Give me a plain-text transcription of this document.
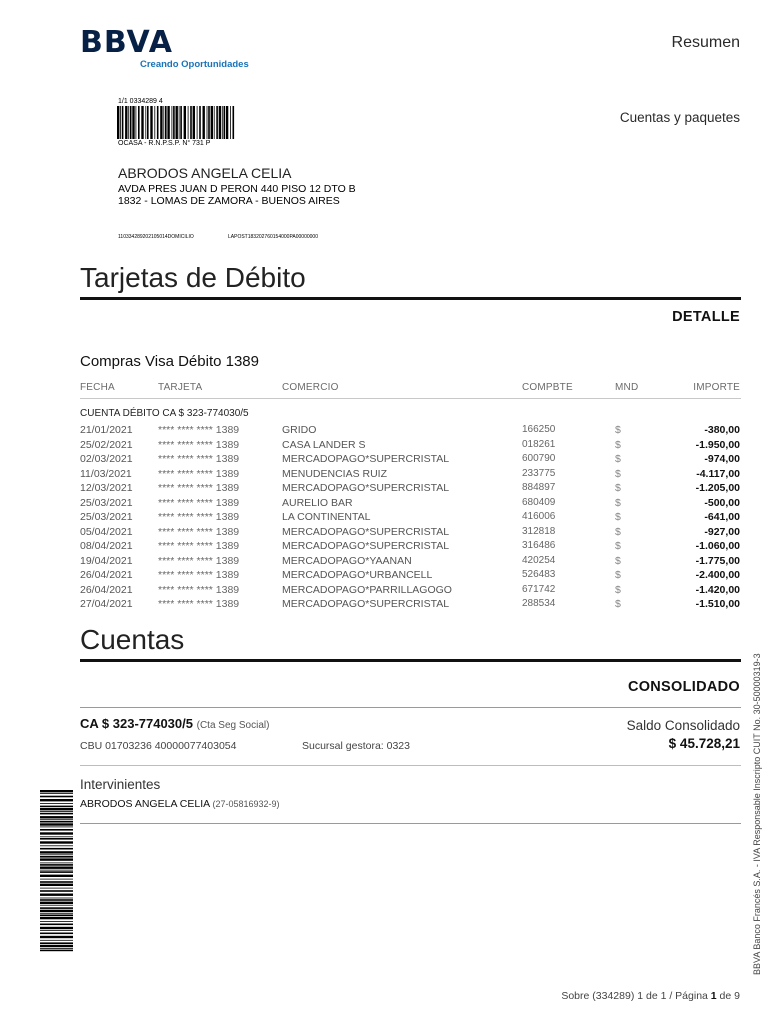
BBVA
Creando Oportunidades
Resumen
Cuentas y paquetes
1/1 0334289 4
OCASA - R.N.P.S.P. N° 731 P
ABRODOS ANGELA CELIA
AVDA PRES JUAN D PERON 440 PISO 12 DTO B
1832 - LOMAS DE ZAMORA - BUENOS AIRES
110334289202105014DOMICILIO	LAPOST183202760154000PA00000000
Tarjetas de Débito
DETALLE
Compras Visa Débito 1389
FECHA	TARJETA	COMERCIO	COMPBTE	MND	IMPORTE
CUENTA DÉBITO CA $ 323-774030/5
21/01/2021 **** **** **** 1389	GRIDO	166250	$	-380,00
25/02/2021 **** **** **** 1389	CASA LANDER S	018261	$	-1.950,00
02/03/2021 **** **** **** 1389	MERCADOPAGO*SUPERCRISTAL	600790	$	-974,00
11/03/2021 **** **** **** 1389	MENUDENCIAS RUIZ	233775	$	-4.117,00
12/03/2021 **** **** **** 1389	MERCADOPAGO*SUPERCRISTAL	884897	$	-1.205,00
25/03/2021 **** **** **** 1389	AURELIO BAR	680409	$	-500,00
25/03/2021 **** **** **** 1389	LA CONTINENTAL	416006	$	-641,00
05/04/2021 **** **** **** 1389	MERCADOPAGO*SUPERCRISTAL	312818	$	-927,00
08/04/2021 **** **** **** 1389	MERCADOPAGO*SUPERCRISTAL	316486	$	-1.060,00
19/04/2021 **** **** **** 1389	MERCADOPAGO*YAANAN	420254	$	-1.775,00
26/04/2021 **** **** **** 1389	MERCADOPAGO*URBANCELL	526483	$	-2.400,00
26/04/2021 **** **** **** 1389	MERCADOPAGO*PARRILLAGOGO	671742	$	-1.420,00
27/04/2021 **** **** **** 1389	MERCADOPAGO*SUPERCRISTAL	288534	$	-1.510,00
Cuentas
CONSOLIDADO
CA $ 323-774030/5 (Cta Seg Social)
CBU 01703236 40000077403054	Sucursal gestora: 0323
Saldo Consolidado
$ 45.728,21
Intervinientes
ABRODOS ANGELA CELIA (27-05816932-9)	BBVA Banco Francés S.A. - IVA Responsable Inscripto CUIT No. 30-50000319-3
Sobre (334289) 1 de 1 / Página 1 de 9
